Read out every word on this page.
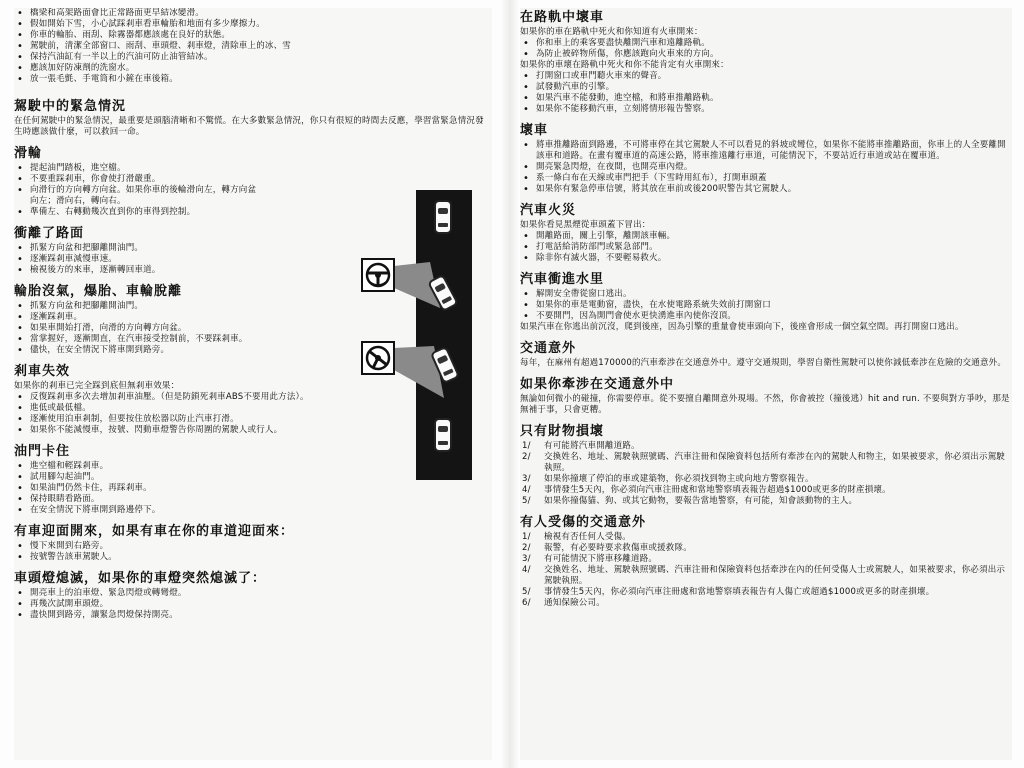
• 橋梁和高架路面會比正常路面更早結冰變滑。
• 假如開始下雪，小心試踩剎車看車輪胎和地面有多少摩擦力。
• 你車的輪胎、雨刮、除霧器都應該處在良好的狀態。
• 駕駛前，清潔全部窗口、雨刮、車頭燈、剎車燈，清除車上的冰、雪
• 保持汽油缸有一半以上的汽油可防止油管結冰。
• 應該加好防凍劑的洗窗水。
• 放一張毛氈、手電筒和小鏟在車後箱。
駕駛中的緊急情況

在任何駕駛中的緊急情況，最重要是頭腦清晰和不驚慌。在大多數緊急情況，你只有很短的時間去反應，學習當緊急情況發生時應該做什麼，可以救回一命。

滑輪
• 提起油門踏板，進空檔。
• 不要重踩剎車，你會使打滑嚴重。
• 向滑行的方向轉方向盆。如果你車的後輪滑向左，轉方向盆向左；滑向右，轉向右。
• 準備左、右轉動幾次直到你的車得到控制。
衝離了路面
• 抓緊方向盆和把腳離開油門。
• 逐漸踩剎車減慢車速。
• 檢視後方的來車，逐漸轉回車道。
輪胎沒氣，爆胎、車輪脫離
• 抓緊方向盆和把腳離開油門。
• 逐漸踩剎車。
• 如果車開始打滑，向滑的方向轉方向盆。
• 當掌握好，逐漸開直，在汽車接受控制前，不要踩剎車。
• 儘快，在安全情況下將車開到路旁。
剎車失效

如果你的剎車已完全踩到底但無剎車效果：

• 反復踩剎車多次去增加剎車油壓。（但是防鎖死剎車ABS不要用此方法）。
• 進低或最低檔。
• 逐漸使用泊車剎制，但要按住放松器以防止汽車打滑。
• 如果你不能減慢車，按號、閃動車燈警告你周圍的駕駛人或行人。
油門卡住
• 進空檔和輕踩剎車。
• 試用腳勾起油門。
• 如果油門仍然卡住，再踩剎車。
• 保持眼睛看路面。
• 在安全情況下將車開到路邊停下。
有車迎面開來，如果有車在你的車道迎面來：
• 慢下來開到右路旁。
• 按號警告該車駕駛人。
車頭燈熄滅，如果你的車燈突然熄滅了：
• 開亮車上的泊車燈、緊急閃燈或轉彎燈。
• 再幾次試開車頭燈。
• 盡快開到路旁，讓緊急閃燈保持開亮。
在路軌中壞車

如果你的車在路軌中死火和你知道有火車開來：

• 你和車上的乘客要盡快離開汽車和遠離路軌。
• 為防止被碎物所傷，你應該跑向火車來的方向。

如果你的車壞在路軌中死火和你不能肯定有火車開來：

• 打開窗口或車門聽火車來的聲音。
• 試發動汽車的引擎。
• 如果汽車不能發動，進空檔，和將車推離路軌。
• 如果你不能移動汽車，立刻將情形報告警察。
壞車
• 將車推離路面到路邊，不可將車停在其它駕駛人不可以看見的斜坡或彎位，如果你不能將車推離路面，你車上的人全要離開該車和道路。在畫有覆車道的高速公路，將車推遠離行車道，可能情況下，不要站近行車道或站在覆車道。
• 開亮緊急閃燈，在夜間，也開亮車內燈。
• 系一條白布在天線或車門把手（下雪時用紅布），打開車頭蓋
• 如果你有緊急停車信號，將其放在車前或後200呎警告其它駕駛人。
汽車火災

如果你看見黑煙從車頭蓋下冒出：

• 開離路面，關上引擎，離開該車輛。
• 打電話給消防部門或緊急部門。
• 除非你有滅火器，不要輕易救火。
汽車衝進水里
• 解開安全帶從窗口逃出。
• 如果你的車是電動窗，盡快，在水使電路系統失效前打開窗口
• 不要開門，因為開門會使水更快湧進車內使你沒頂。

如果汽車在你逃出前沉沒，爬到後座，因為引擎的重量會使車頭向下，後座會形成一個空氣空間。再打開窗口逃出。

交通意外

每年，在麻州有超過170000的汽車牽涉在交通意外中。遵守交通規則，學習自衛性駕駛可以使你減低牽涉在危險的交通意外。

如果你牽涉在交通意外中

無論如何微小的碰撞，你需要停車。從不要擅自離開意外現場。不然，你會被控（撞後逃）hit and run. 不要與對方爭吵，那是無補于事，只會更糟。

只有財物損壞
1/ 有可能將汽車開離道路。
2/ 交換姓名、地址、駕駛執照號碼、汽車注冊和保險資料包括所有牽涉在內的駕駛人和物主，如果被要求，你必須出示駕駛執照。
3/ 如果你撞壞了停泊的車或建築物，你必須找到物主或向地方警察報告。
4/ 事情發生5天內，你必須向汽車注冊處和當地警察填表報告超過$1000或更多的財產損壞。
5/ 如果你撞傷貓、狗、或其它動物，要報告當地警察，有可能，知會該動物的主人。
有人受傷的交通意外
1/ 檢視有否任何人受傷。
2/ 報警，有必要時要求救傷車或援救隊。
3/ 有可能情況下將車移離道路。
4/ 交換姓名、地址、駕駛執照號碼、汽車注冊和保險資料包括牽涉在內的任何受傷人士或駕駛人，如果被要求，你必須出示駕駛執照。
5/ 事情發生5天內，你必須向汽車注冊處和當地警察填表報告有人傷亡或超過$1000或更多的財產損壞。
6/ 通知保險公司。
